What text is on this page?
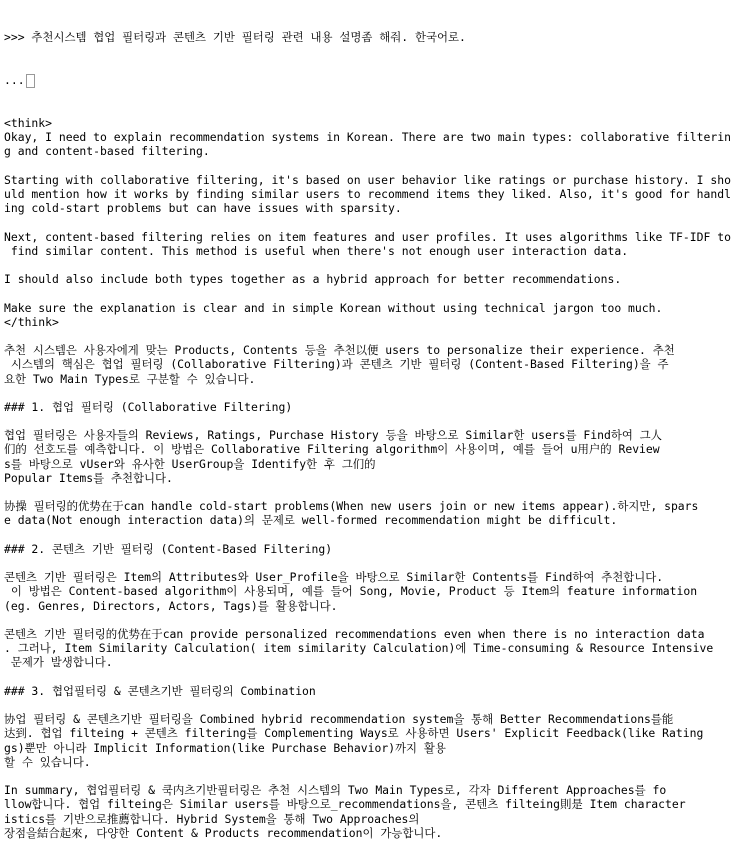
>>> 추천시스템 협업 필터링과 콘텐츠 기반 필터링 관련 내용 설명좀 해줘. 한국어로.

...

<think>
Okay, I need to explain recommendation systems in Korean. There are two main types: collaborative filterin
g and content-based filtering.
Starting with collaborative filtering, it's based on user behavior like ratings or purchase history. I sho
uld mention how it works by finding similar users to recommend items they liked. Also, it's good for handl
ing cold-start problems but can have issues with sparsity.
Next, content-based filtering relies on item features and user profiles. It uses algorithms like TF-IDF to
find similar content. This method is useful when there's not enough user interaction data.
I should also include both types together as a hybrid approach for better recommendations.
Make sure the explanation is clear and in simple Korean without using technical jargon too much.
</think>
추천 시스템은 사용자에게 맞는 Products, Contents 등을 추천以便 users to personalize their experience. 추천
시스템의 핵심은 협업 필터링 (Collaborative Filtering)과 콘텐츠 기반 필터링 (Content-Based Filtering)을 주
요한 Two Main Types로 구분할 수 있습니다.
### 1. 협업 필터링 (Collaborative Filtering)
협업 필터링은 사용자들의 Reviews, Ratings, Purchase History 등을 바탕으로 Similar한 users를 Find하여 그人
们的 선호도를 예측합니다. 이 방법은 Collaborative Filtering algorithm이 사용이며, 예를 들어 u用户的 Review
s를 바탕으로 vUser와 유사한 UserGroup을 Identify한 후 그们的
Popular Items를 추천합니다.
协操 필터링的优势在于can handle cold-start problems(When new users join or new items appear).하지만, spars
e data(Not enough interaction data)의 문제로 well-formed recommendation might be difficult.
### 2. 콘텐츠 기반 필터링 (Content-Based Filtering)
콘텐츠 기반 필터링은 Item의 Attributes와 User_Profile을 바탕으로 Similar한 Contents를 Find하여 추천합니다.
이 방법은 Content-based algorithm이 사용되며, 예를 들어 Song, Movie, Product 등 Item의 feature information
(eg. Genres, Directors, Actors, Tags)를 활용합니다.
콘텐츠 기반 필터링的优势在于can provide personalized recommendations even when there is no interaction data
. 그러나, Item Similarity Calculation( item similarity Calculation)에 Time-consuming & Resource Intensive
문제가 발생합니다.
### 3. 협업필터링 & 콘텐츠기반 필터링의 Combination
协업 필터링 & 콘텐츠기반 필터링을 Combined hybrid recommendation system을 통해 Better Recommendations를能
达到. 협업 filteing + 콘텐츠 filtering를 Complementing Ways로 사용하면 Users' Explicit Feedback(like Rating
gs)뿐만 아니라 Implicit Information(like Purchase Behavior)까지 활용
할 수 있습니다.
In summary, 협업필터링 & 쿡内츠기반필터링은 추천 시스템의 Two Main Types로, 각자 Different Approaches를 fo
llow합니다. 협업 filteing은 Similar users를 바탕으로_recommendations을, 콘텐츠 filteing則是 Item character
istics를 기반으로推薦합니다. Hybrid System을 통해 Two Approaches의
장점을結合起來, 다양한 Content & Products recommendation이 가능합니다.
